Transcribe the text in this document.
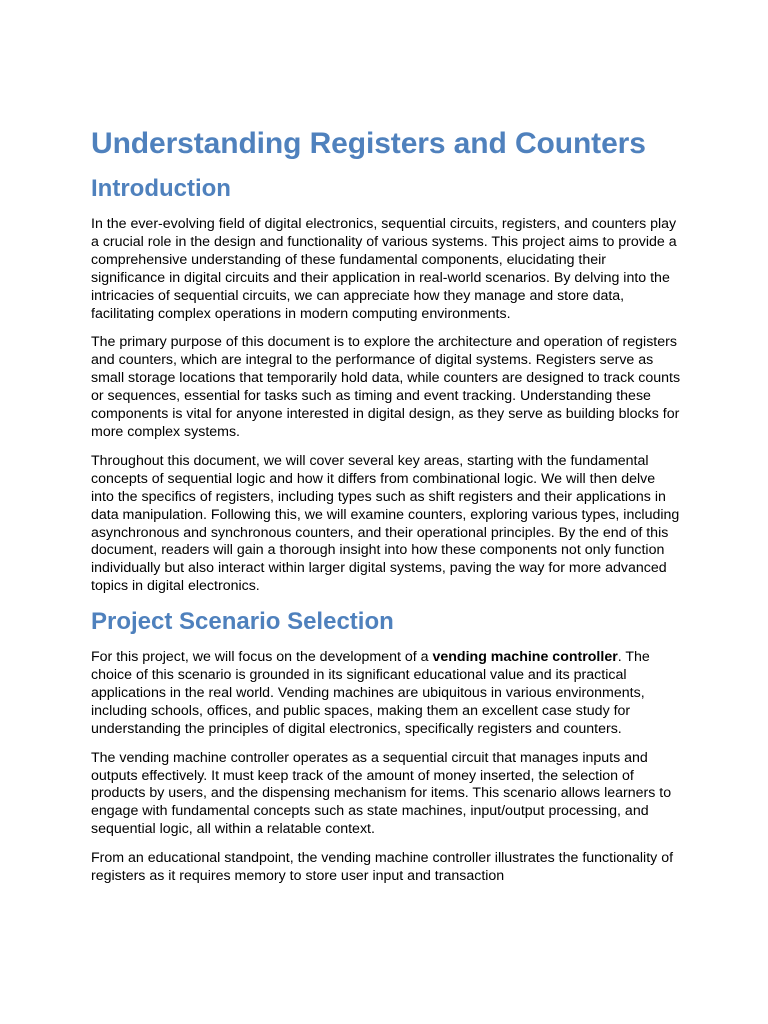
Understanding Registers and Counters
Introduction

In the ever-evolving field of digital electronics, sequential circuits, registers, and counters play a crucial role in the design and functionality of various systems. This project aims to provide a comprehensive understanding of these fundamental components, elucidating their significance in digital circuits and their application in real-world scenarios. By delving into the intricacies of sequential circuits, we can appreciate how they manage and store data, facilitating complex operations in modern computing environments.

The primary purpose of this document is to explore the architecture and operation of registers and counters, which are integral to the performance of digital systems. Registers serve as small storage locations that temporarily hold data, while counters are designed to track counts or sequences, essential for tasks such as timing and event tracking. Understanding these components is vital for anyone interested in digital design, as they serve as building blocks for more complex systems.

Throughout this document, we will cover several key areas, starting with the fundamental concepts of sequential logic and how it differs from combinational logic. We will then delve into the specifics of registers, including types such as shift registers and their applications in data manipulation. Following this, we will examine counters, exploring various types, including asynchronous and synchronous counters, and their operational principles. By the end of this document, readers will gain a thorough insight into how these components not only function individually but also interact within larger digital systems, paving the way for more advanced topics in digital electronics.

Project Scenario Selection

For this project, we will focus on the development of a vending machine controller. The choice of this scenario is grounded in its significant educational value and its practical applications in the real world. Vending machines are ubiquitous in various environments, including schools, offices, and public spaces, making them an excellent case study for understanding the principles of digital electronics, specifically registers and counters.

The vending machine controller operates as a sequential circuit that manages inputs and outputs effectively. It must keep track of the amount of money inserted, the selection of products by users, and the dispensing mechanism for items. This scenario allows learners to engage with fundamental concepts such as state machines, input/output processing, and sequential logic, all within a relatable context.

From an educational standpoint, the vending machine controller illustrates the functionality of registers as it requires memory to store user input and transaction
